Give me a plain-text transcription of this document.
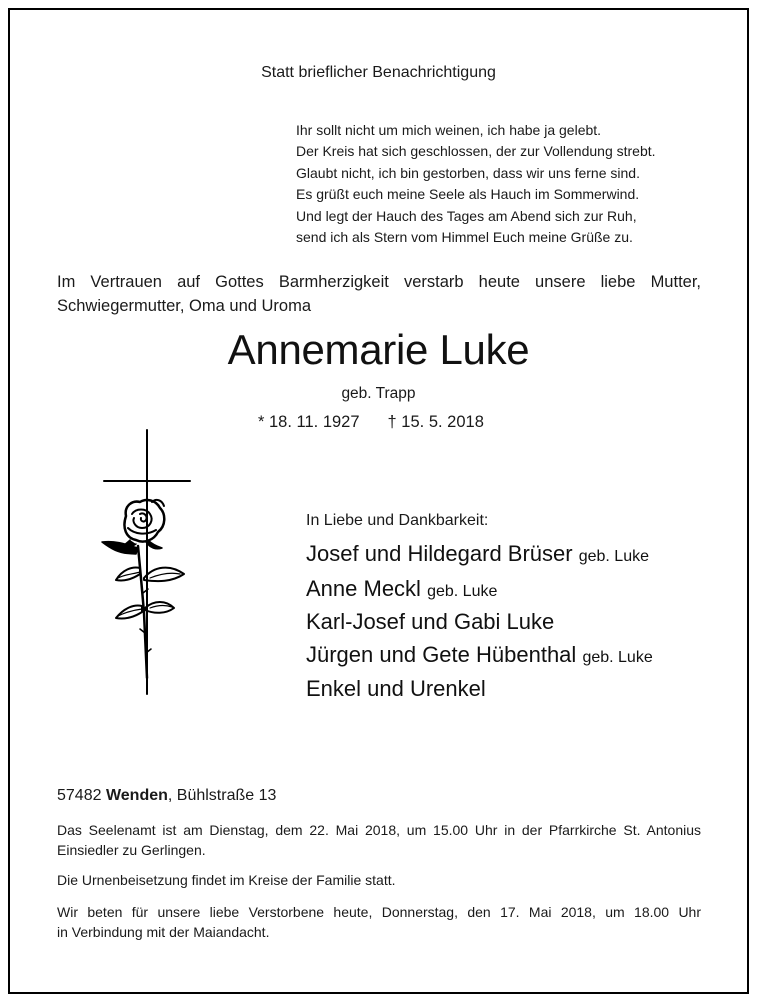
Statt brieflicher Benachrichtigung
Ihr sollt nicht um mich weinen, ich habe ja gelebt.
Der Kreis hat sich geschlossen, der zur Vollendung strebt.
Glaubt nicht, ich bin gestorben, dass wir uns ferne sind.
Es grüßt euch meine Seele als Hauch im Sommerwind.
Und legt der Hauch des Tages am Abend sich zur Ruh,
send ich als Stern vom Himmel Euch meine Grüße zu.
Im Vertrauen auf Gottes Barmherzigkeit verstarb heute unsere liebe Mutter,
Schwiegermutter, Oma und Uroma
Annemarie Luke
geb. Trapp
* 18. 11. 1927 † 15. 5. 2018
In Liebe und Dankbarkeit:
Josef und Hildegard Brüser geb. Luke
Anne Meckl geb. Luke
Karl-Josef und Gabi Luke
Jürgen und Gete Hübenthal geb. Luke
Enkel und Urenkel
57482 Wenden, Bühlstraße 13
Das Seelenamt ist am Dienstag, dem 22. Mai 2018, um 15.00 Uhr in der Pfarrkirche St. Antonius
Einsiedler zu Gerlingen.
Die Urnenbeisetzung findet im Kreise der Familie statt.
Wir beten für unsere liebe Verstorbene heute, Donnerstag, den 17. Mai 2018, um 18.00 Uhr
in Verbindung mit der Maiandacht.
